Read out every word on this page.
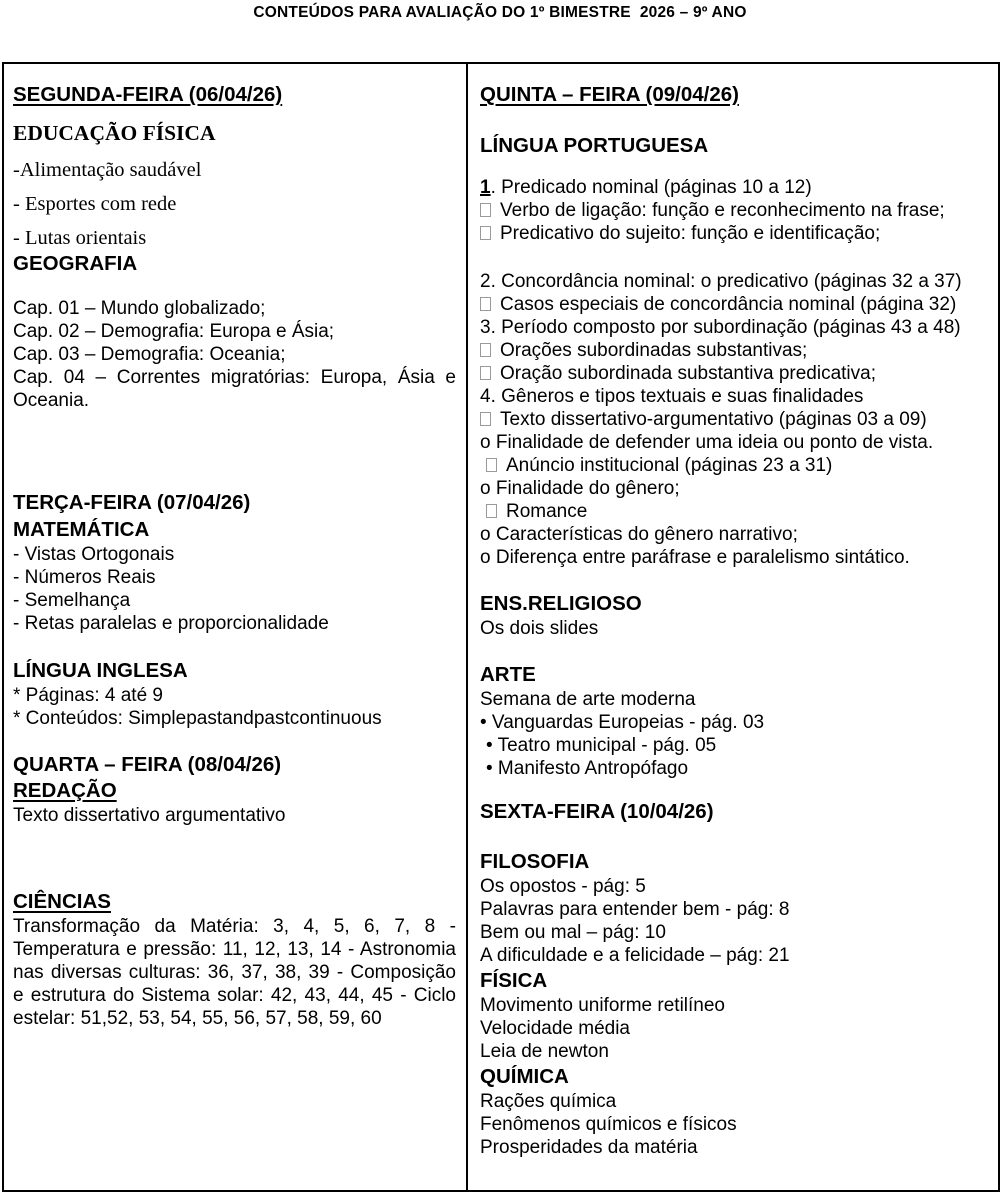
CONTEÚDOS PARA AVALIAÇÃO DO 1º BIMESTRE  2026 – 9º ANO
SEGUNDA-FEIRA (06/04/26)
EDUCAÇÃO FÍSICA
-Alimentação saudável
- Esportes com rede
- Lutas orientais
GEOGRAFIA
Cap. 01 – Mundo globalizado;
Cap. 02 – Demografia: Europa e Ásia;
Cap. 03 – Demografia: Oceania;
Cap. 04 – Correntes migratórias: Europa, Ásia e Oceania.
TERÇA-FEIRA (07/04/26)
MATEMÁTICA
- Vistas Ortogonais
- Números Reais
- Semelhança
- Retas paralelas e proporcionalidade
LÍNGUA INGLESA
* Páginas: 4 até 9
* Conteúdos: Simplepastandpastcontinuous
QUARTA – FEIRA (08/04/26)
REDAÇÃO
Texto dissertativo argumentativo
CIÊNCIAS
Transformação da Matéria: 3, 4, 5, 6, 7, 8 - Temperatura e pressão: 11, 12, 13, 14 - Astronomia nas diversas culturas: 36, 37, 38, 39 - Composição e estrutura do Sistema solar: 42, 43, 44, 45 - Ciclo estelar: 51,52, 53, 54, 55, 56, 57, 58, 59, 60
QUINTA – FEIRA (09/04/26)
LÍNGUA PORTUGUESA
1. Predicado nominal (páginas 10 a 12)
Verbo de ligação: função e reconhecimento na frase;
Predicativo do sujeito: função e identificação;
2. Concordância nominal: o predicativo (páginas 32 a 37)
Casos especiais de concordância nominal (página 32)
3. Período composto por subordinação (páginas 43 a 48)
Orações subordinadas substantivas;
Oração subordinada substantiva predicativa;
4. Gêneros e tipos textuais e suas finalidades
Texto dissertativo-argumentativo (páginas 03 a 09)
o Finalidade de defender uma ideia ou ponto de vista.
Anúncio institucional (páginas 23 a 31)
o Finalidade do gênero;
Romance
o Características do gênero narrativo;
o Diferença entre paráfrase e paralelismo sintático.
ENS.RELIGIOSO
Os dois slides
ARTE
Semana de arte moderna
• Vanguardas Europeias - pág. 03
• Teatro municipal - pág. 05
• Manifesto Antropófago
SEXTA-FEIRA (10/04/26)
FILOSOFIA
Os opostos - pág: 5
Palavras para entender bem - pág: 8
Bem ou mal – pág: 10
A dificuldade e a felicidade – pág: 21
FÍSICA
Movimento uniforme retilíneo
Velocidade média
Leia de newton
QUÍMICA
Rações química
Fenômenos químicos e físicos
Prosperidades da matéria
